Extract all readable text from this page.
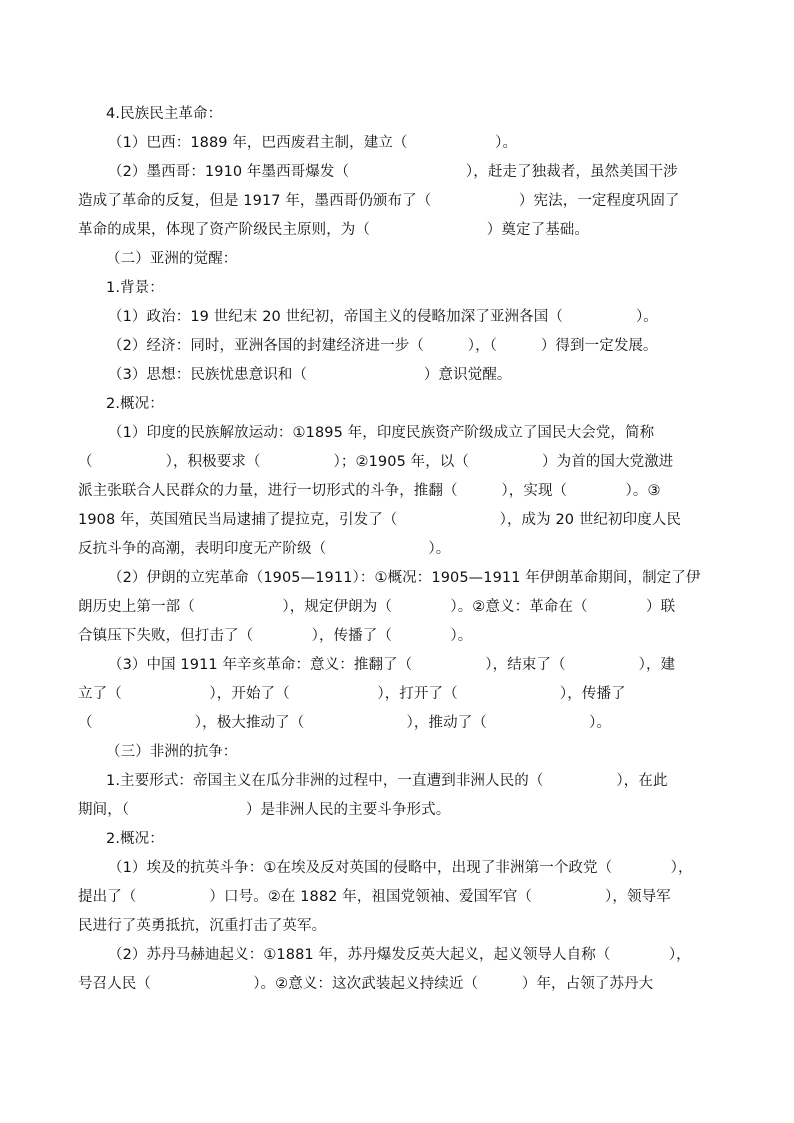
4.民族民主革命：
（1）巴西：1889 年，巴西废君主制，建立（　　　　　　）。
（2）墨西哥：1910 年墨西哥爆发（　　　　　　　　），赶走了独裁者，虽然美国干涉
造成了革命的反复，但是 1917 年，墨西哥仍颁布了（　　　　　　）宪法，一定程度巩固了
革命的成果，体现了资产阶级民主原则，为（　　　　　　　　）奠定了基础。
（二）亚洲的觉醒：
1.背景：
（1）政治：19 世纪末 20 世纪初，帝国主义的侵略加深了亚洲各国（　　　　　）。
（2）经济：同时，亚洲各国的封建经济进一步（　　　），（　　　）得到一定发展。
（3）思想：民族忧患意识和（　　　　　　　　）意识觉醒。
2.概况：
（1）印度的民族解放运动：①1895 年，印度民族资产阶级成立了国民大会党，简称
（　　　　　），积极要求（　　　　　）；②1905 年，以（　　　　　）为首的国大党激进
派主张联合人民群众的力量，进行一切形式的斗争，推翻（　　　），实现（　　　　）。③
1908 年，英国殖民当局逮捕了提拉克，引发了（　　　　　　　），成为 20 世纪初印度人民
反抗斗争的高潮，表明印度无产阶级（　　　　　　　）。
（2）伊朗的立宪革命（1905—1911）：①概况：1905—1911 年伊朗革命期间，制定了伊
朗历史上第一部（　　　　　　），规定伊朗为（　　　　）。②意义：革命在（　　　　）联
合镇压下失败，但打击了（　　　　），传播了（　　　　）。
（3）中国 1911 年辛亥革命：意义：推翻了（　　　　　），结束了（　　　　　），建
立了（　　　　　　），开始了（　　　　　　），打开了（　　　　　　　），传播了
（　　　　　　　），极大推动了（　　　　　　　），推动了（　　　　　　　）。
（三）非洲的抗争：
1.主要形式：帝国主义在瓜分非洲的过程中，一直遭到非洲人民的（　　　　　），在此
期间，（　　　　　　　　）是非洲人民的主要斗争形式。
2.概况：
（1）埃及的抗英斗争：①在埃及反对英国的侵略中，出现了非洲第一个政党（　　　　），
提出了（　　　　　）口号。②在 1882 年，祖国党领袖、爱国军官（　　　　　），领导军
民进行了英勇抵抗，沉重打击了英军。
（2）苏丹马赫迪起义：①1881 年，苏丹爆发反英大起义，起义领导人自称（　　　　），
号召人民（　　　　　　　）。②意义：这次武装起义持续近（　　　）年，占领了苏丹大
